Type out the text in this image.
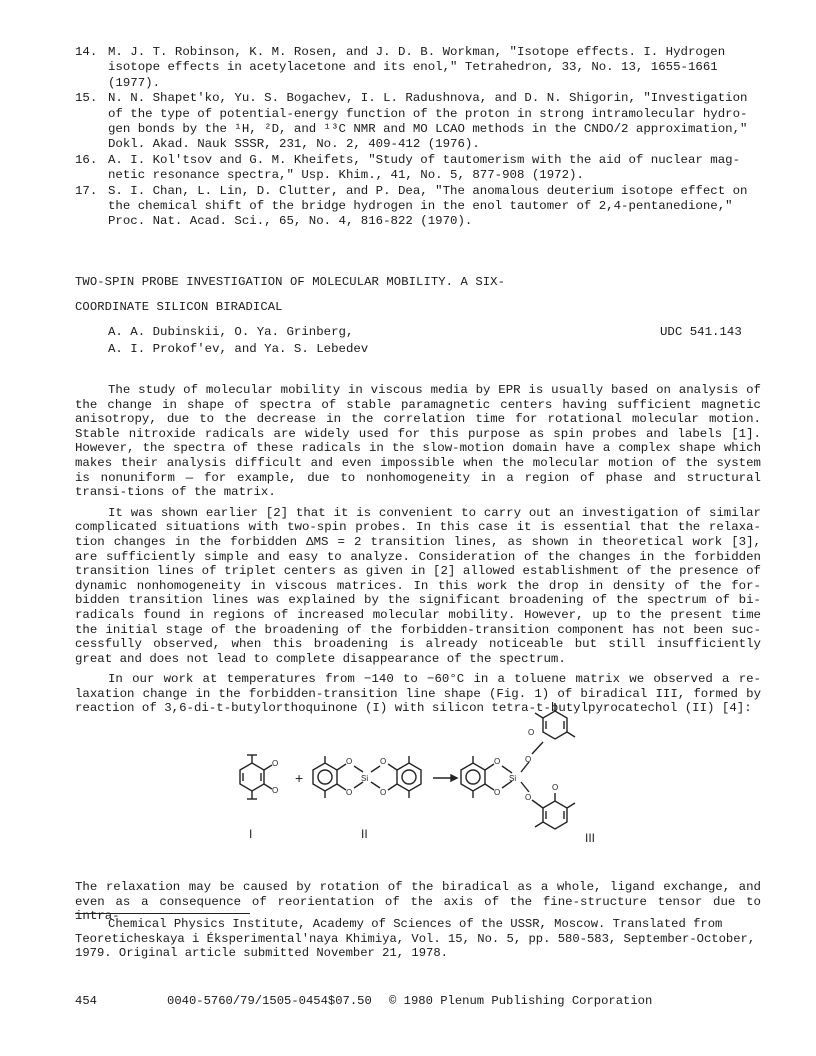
14. M. J. T. Robinson, K. M. Rosen, and J. D. B. Workman, "Isotope effects. I. Hydrogen
isotope effects in acetylacetone and its enol," Tetrahedron, 33, No. 13, 1655-1661
(1977).
15. N. N. Shapet'ko, Yu. S. Bogachev, I. L. Radushnova, and D. N. Shigorin, "Investigation
of the type of potential-energy function of the proton in strong intramolecular hydro-
gen bonds by the ¹H, ²D, and ¹³C NMR and MO LCAO methods in the CNDO/2 approximation,"
Dokl. Akad. Nauk SSSR, 231, No. 2, 409-412 (1976).
16. A. I. Kol'tsov and G. M. Kheifets, "Study of tautomerism with the aid of nuclear mag-
netic resonance spectra," Usp. Khim., 41, No. 5, 877-908 (1972).
17. S. I. Chan, L. Lin, D. Clutter, and P. Dea, "The anomalous deuterium isotope effect on
the chemical shift of the bridge hydrogen in the enol tautomer of 2,4-pentanedione,"
Proc. Nat. Acad. Sci., 65, No. 4, 816-822 (1970).
TWO-SPIN PROBE INVESTIGATION OF MOLECULAR MOBILITY. A SIX-
COORDINATE SILICON BIRADICAL
A. A. Dubinskii, O. Ya. Grinberg,
A. I. Prokof'ev, and Ya. S. Lebedev
UDC 541.143

The study of molecular mobility in viscous media by EPR is usually based on analysis of the change in shape of spectra of stable paramagnetic centers having sufficient magnetic anisotropy, due to the decrease in the correlation time for rotational molecular motion. Stable nitroxide radicals are widely used for this purpose as spin probes and labels [1]. However, the spectra of these radicals in the slow-motion domain have a complex shape which makes their analysis difficult and even impossible when the molecular motion of the system is nonuniform — for example, due to nonhomogeneity in a region of phase and structural transi-tions of the matrix.

It was shown earlier [2] that it is convenient to carry out an investigation of similar complicated situations with two-spin probes. In this case it is essential that the relaxa-tion changes in the forbidden ΔMS = 2 transition lines, as shown in theoretical work [3], are sufficiently simple and easy to analyze. Consideration of the changes in the forbidden transition lines of triplet centers as given in [2] allowed establishment of the presence of dynamic nonhomogeneity in viscous matrices. In this work the drop in density of the for-bidden transition lines was explained by the significant broadening of the spectrum of bi-radicals found in regions of increased molecular mobility. However, up to the present time the initial stage of the broadening of the forbidden-transition component has not been suc-cessfully observed, when this broadening is already noticeable but still insufficiently great and does not lead to complete disappearance of the spectrum.

In our work at temperatures from −140 to −60°C in a toluene matrix we observed a re-laxation change in the forbidden-transition line shape (Fig. 1) of biradical III, formed by reaction of 3,6-di-t-butylorthoquinone (I) with silicon tetra-t-butylpyrocatechol (II) [4]:

O
O
O
O
Si
O
O
O
O
Si
O
O
O
O
+
I	II	III
The relaxation may be caused by rotation of the biradical as a whole, ligand exchange, and even as a consequence of reorientation of the axis of the fine-structure tensor due to intra-
Chemical Physics Institute, Academy of Sciences of the USSR, Moscow. Translated from
Teoreticheskaya i Éksperimental'naya Khimiya, Vol. 15, No. 5, pp. 580-583, September-October,
1979. Original article submitted November 21, 1978.
454	0040-5760/79/1505-0454$07.50	© 1980 Plenum Publishing Corporation
